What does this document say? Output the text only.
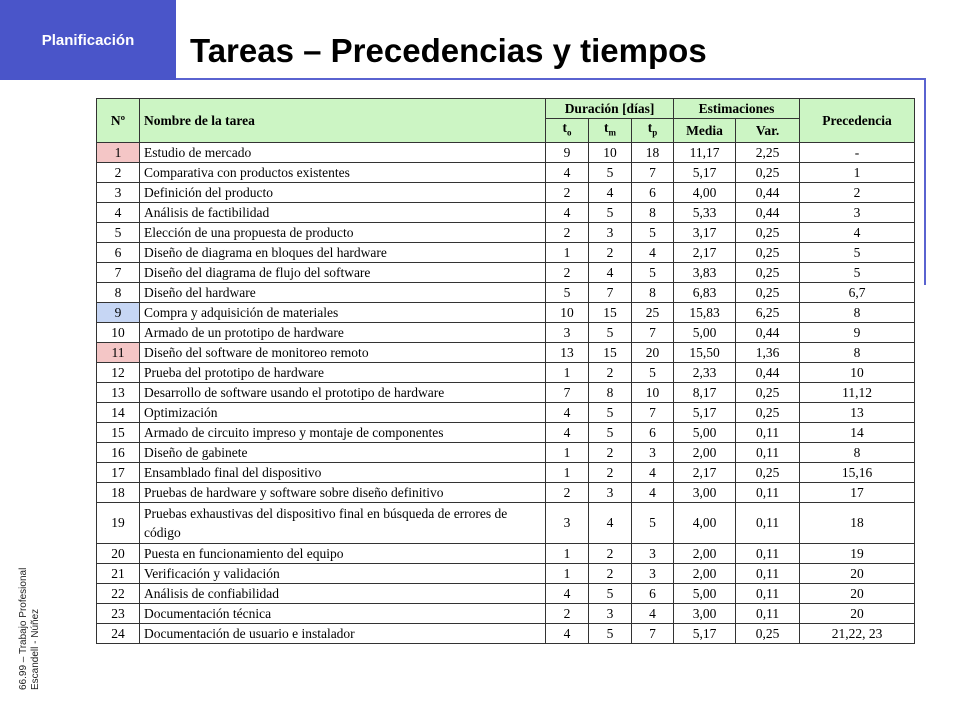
Planificación	Tareas – Precedencias y tiempos
66.99 – Trabajo Profesional Escandell - Núñez
Nº	Nombre de la tarea	Duración [días]			Estimaciones		Precedencia
		$t_o$	$t_m$	$t_p$	Media	Var.	
1	Estudio de mercado	9	10	18	11,17	2,25	-
2	Comparativa con productos existentes	4	5	7	5,17	0,25	1
3	Definición del producto	2	4	6	4,00	0,44	2
4	Análisis de factibilidad	4	5	8	5,33	0,44	3
5	Elección de una propuesta de producto	2	3	5	3,17	0,25	4
6	Diseño de diagrama en bloques del hardware	1	2	4	2,17	0,25	5
7	Diseño del diagrama de flujo del software	2	4	5	3,83	0,25	5
8	Diseño del hardware	5	7	8	6,83	0,25	6,7
9	Compra y adquisición de materiales	10	15	25	15,83	6,25	8
10	Armado de un prototipo de hardware	3	5	7	5,00	0,44	9
11	Diseño del software de monitoreo remoto	13	15	20	15,50	1,36	8
12	Prueba del prototipo de hardware	1	2	5	2,33	0,44	10
13	Desarrollo de software usando el prototipo de hardware	7	8	10	8,17	0,25	11,12
14	Optimización	4	5	7	5,17	0,25	13
15	Armado de circuito impreso y montaje de componentes	4	5	6	5,00	0,11	14
16	Diseño de gabinete	1	2	3	2,00	0,11	8
17	Ensamblado final del dispositivo	1	2	4	2,17	0,25	15,16
18	Pruebas de hardware y software sobre diseño definitivo	2	3	4	3,00	0,11	17
19	Pruebas exhaustivas del dispositivo final en búsqueda de errores de código	3	4	5	4,00	0,11	18
20	Puesta en funcionamiento del equipo	1	2	3	2,00	0,11	19
21	Verificación y validación	1	2	3	2,00	0,11	20
22	Análisis de confiabilidad	4	5	6	5,00	0,11	20
23	Documentación técnica	2	3	4	3,00	0,11	20
24	Documentación de usuario e instalador	4	5	7	5,17	0,25	21,22, 23
